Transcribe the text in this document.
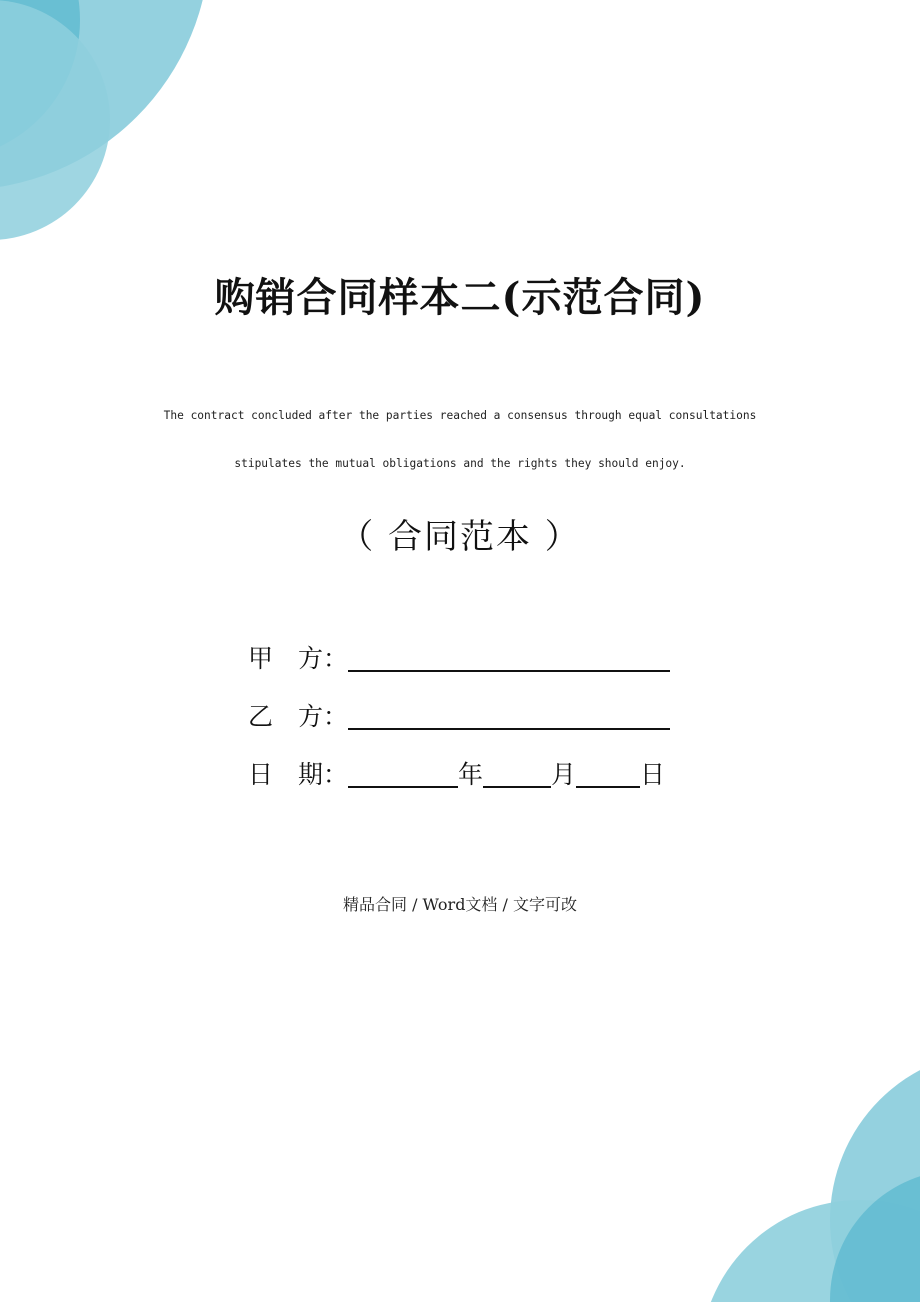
购销合同样本二(示范合同)
The contract concluded after the parties reached a consensus through equal consultations
stipulates the mutual obligations and the rights they should enjoy.
（ 合同范本 ）
甲　方：
乙　方：
日　期：	年	月	日
精品合同 / Word文档 / 文字可改
